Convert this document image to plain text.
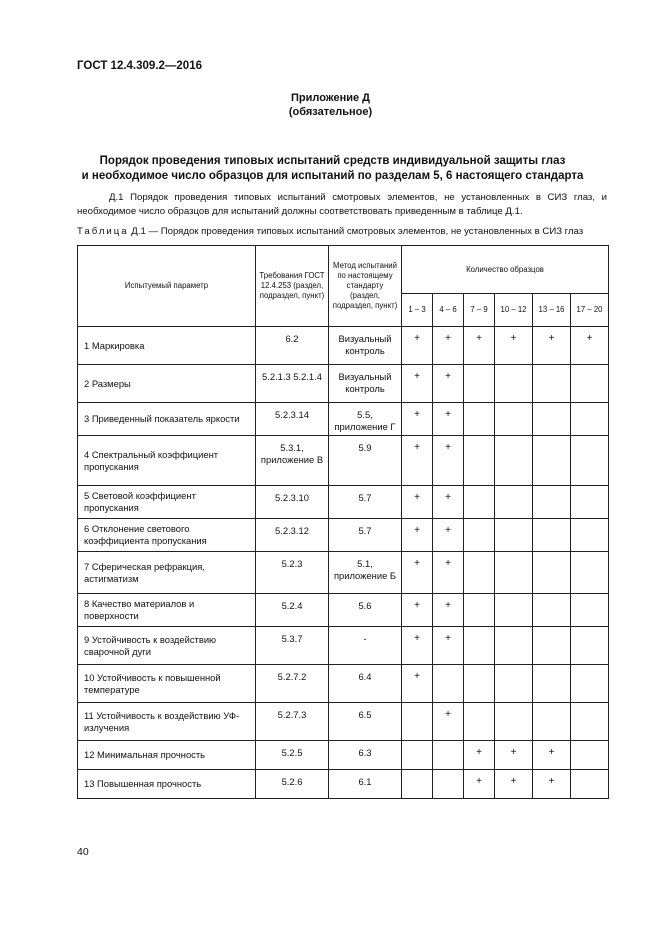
ГОСТ 12.4.309.2—2016
Приложение Д
(обязательное)
Порядок проведения типовых испытаний средств индивидуальной защиты глаз
и необходимое число образцов для испытаний по разделам 5, 6 настоящего стандарта
Д.1 Порядок проведения типовых испытаний смотровых элементов, не установленных в СИЗ глаз, и необходимое число образцов для испытаний должны соответствовать приведенным в таблице Д.1.
Таблица Д.1 — Порядок проведения типовых испытаний смотровых элементов, не установленных в СИЗ глаз
Испытуемый параметр	Требования ГОСТ 12.4.253 (раздел, подраздел, пункт)	Метод испытаний по настоящему стандарту (раздел, подраздел, пункт)	Количество образцов					
			1 – 3	4 – 6	7 – 9	10 – 12	13 – 16	17 – 20
1 Маркировка	6.2	Визуальный контроль	+	+	+	+	+	+
2 Размеры	5.2.1.3 5.2.1.4	Визуальный контроль	+	+				
3 Приведенный показатель яркости	5.2.3.14	5.5, приложение Г	+	+				
4 Спектральный коэффициент пропускания	5.3.1, приложение В	5.9	+	+				
5 Световой коэффициент пропускания	5.2.3.10	5.7	+	+				
6 Отклонение светового коэффициента пропускания	5.2.3.12	5.7	+	+				
7 Сферическая рефракция, астигматизм	5.2.3	5.1, приложение Б	+	+				
8 Качество материалов и поверхности	5.2.4	5.6	+	+				
9 Устойчивость к воздействию сварочной дуги	5.3.7	-	+	+				
10 Устойчивость к повышенной температуре	5.2.7.2	6.4	+					
11 Устойчивость к воздействию УФ-излучения	5.2.7.3	6.5		+				
12 Минимальная прочность	5.2.5	6.3			+	+	+	
13 Повышенная прочность	5.2.6	6.1			+	+	+	
40
